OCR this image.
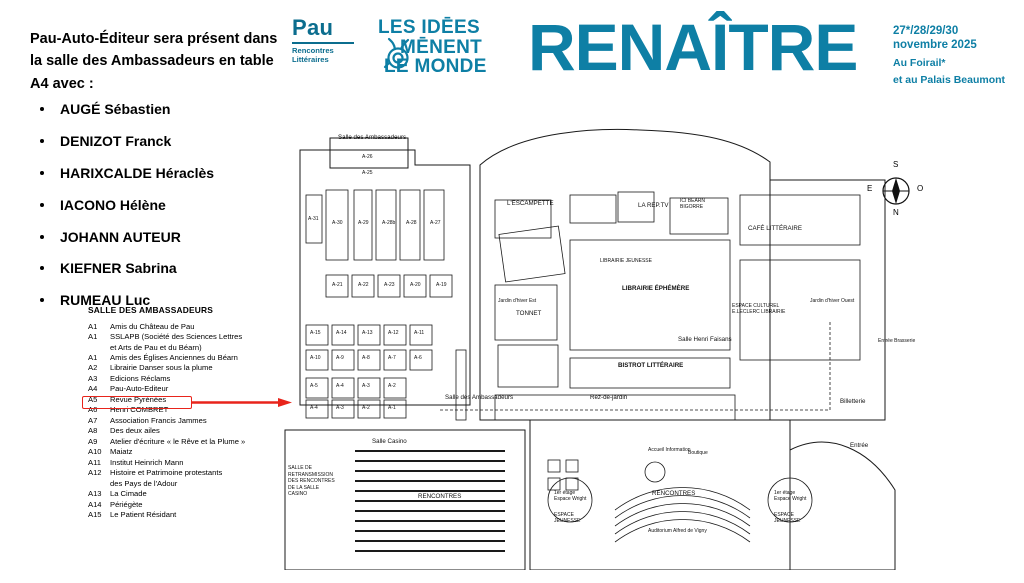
Pau-Auto-Éditeur sera présent dans la salle des Ambassadeurs en table A4 avec :
AUGÉ Sébastien
DENIZOT Franck
HARIXCALDE Héraclès
IACONO Hélène
JOHANN AUTEUR
KIEFNER Sabrina
RUMEAU Luc
SALLE DES AMBASSADEURS
A1	Amis du Château de Pau
A1	SSLAPB (Société des Sciences Lettres
et Arts de Pau et du Béarn)
A1	Amis des Églises Anciennes du Béarn
A2	Librairie Danser sous la plume
A3	Edicions Réclams
A4	Pau-Auto-Editeur
A5	Revue Pyrénées
A6	Henri COMBRET
A7	Association Francis Jammes
A8	Des deux ailes
A9	Atelier d'écriture « le Rêve et la Plume »
A10	Maiatz
A11	Institut Heinrich Mann
A12	Histoire et Patrimoine protestants
des Pays de l'Adour
A13	La Cimade
A14	Périégète
A15	Le Patient Résidant
Pau
Rencontres
Littéraires
LES IDĒES
MĒNENT
LE MONDE RENAÎTRE	27*/28/29/30
novembre 2025
Au Foirail*
et au Palais Beaumont
N
S
E	O
Salle des Ambassadeurs
A-26
A-25
A-31
A-30	A-29	A-28b A-28	A-27
A-21	A-22	A-23	A-20	A-19
A-15	A-14	A-13	A-12	A-11
A-10	A-9	A-8	A-7	A-6
A-5	A-4	A-3	A-2
A-4	A-3	A-2	A-1
L'ESCAMPETTE	LA REP.TV
ICI BEARN BIGORRE
CAFÉ LITTÉRAIRE
LIBRAIRIE ÉPHÉMÈRE
LIBRAIRIE JEUNESSE
ESPACE CULTUREL E.LECLERC LIBRAIRIE
TONNET
Jardin d'hiver Est	Jardin d'hiver Ouest
BISTROT LITTÉRAIRE
Salle Henri Faisans
Salle des Ambassadeurs	Rez-de-jardin
Entrée Brasserie
Billetterie
Entrée
Salle Casino
SALLE DE RETRANSMISSION DES RENCONTRES DE LA SALLE CASINO	RENCONTRES	RENCONTRES
Accueil Information
Boutique
Auditorium Alfred de Vigny
1er étage Espace Wright
ESPACE JEUNESSE
1er étage Espace Wright
ESPACE JEUNESSE
